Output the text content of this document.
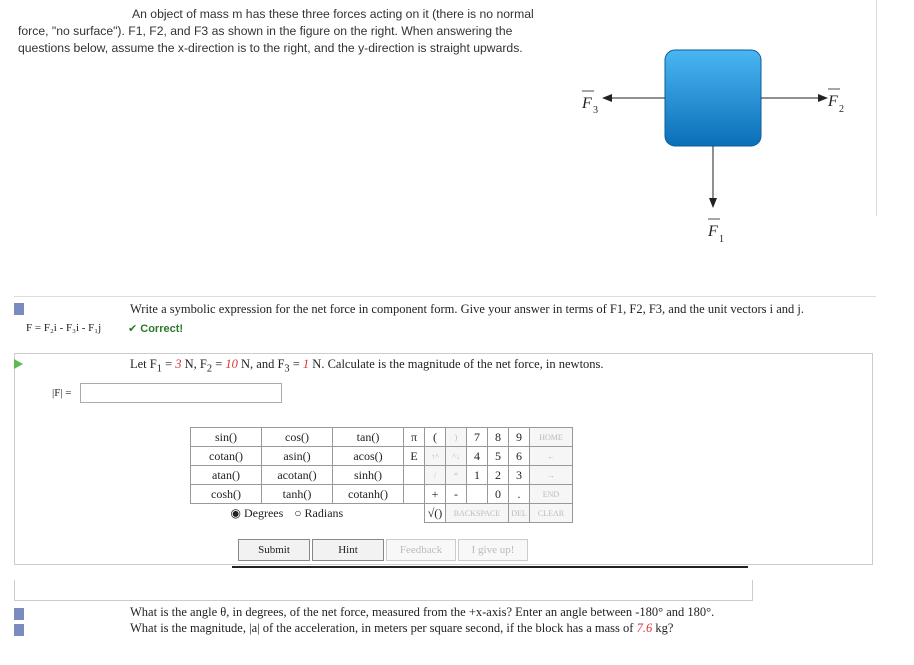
An object of mass m has these three forces acting on it (there is no normal

force, "no surface"). F1, F2, and F3 as shown in the figure on the right. When answering the

questions below, assume the x-direction is to the right, and the y-direction is straight upwards.

F 3
F 2
F 1
Write a symbolic expression for the net force in component form. Give your answer in terms of F1, F2, F3, and the unit vectors i and j.
F = F₂i - F₃i - F₁j ✔ Correct!
Let $F_1 = 3$ N, $F_2 = 10$ N, and $F_3 = 1$ N. Calculate is the magnitude of the net force, in newtons.
|F| =
sin()	cos()	tan()	π	(	)	7	8	9	HOME
cotan()	asin()	acos()	E	↑^	^↓	4	5	6	←
atan()	acotan()	sinh()		/	*	1	2	3	→
cosh()	tanh()	cotanh()		+	-		0	.	END
◉ Degrees ○ Radians				√()	BACKSPACE			DEL	CLEAR
Submit	Hint	Feedback	I give up!
What is the angle θ, in degrees, of the net force, measured from the +x-axis? Enter an angle between -180° and 180°.
What is the magnitude, |a| of the acceleration, in meters per square second, if the block has a mass of 7.6 kg?
